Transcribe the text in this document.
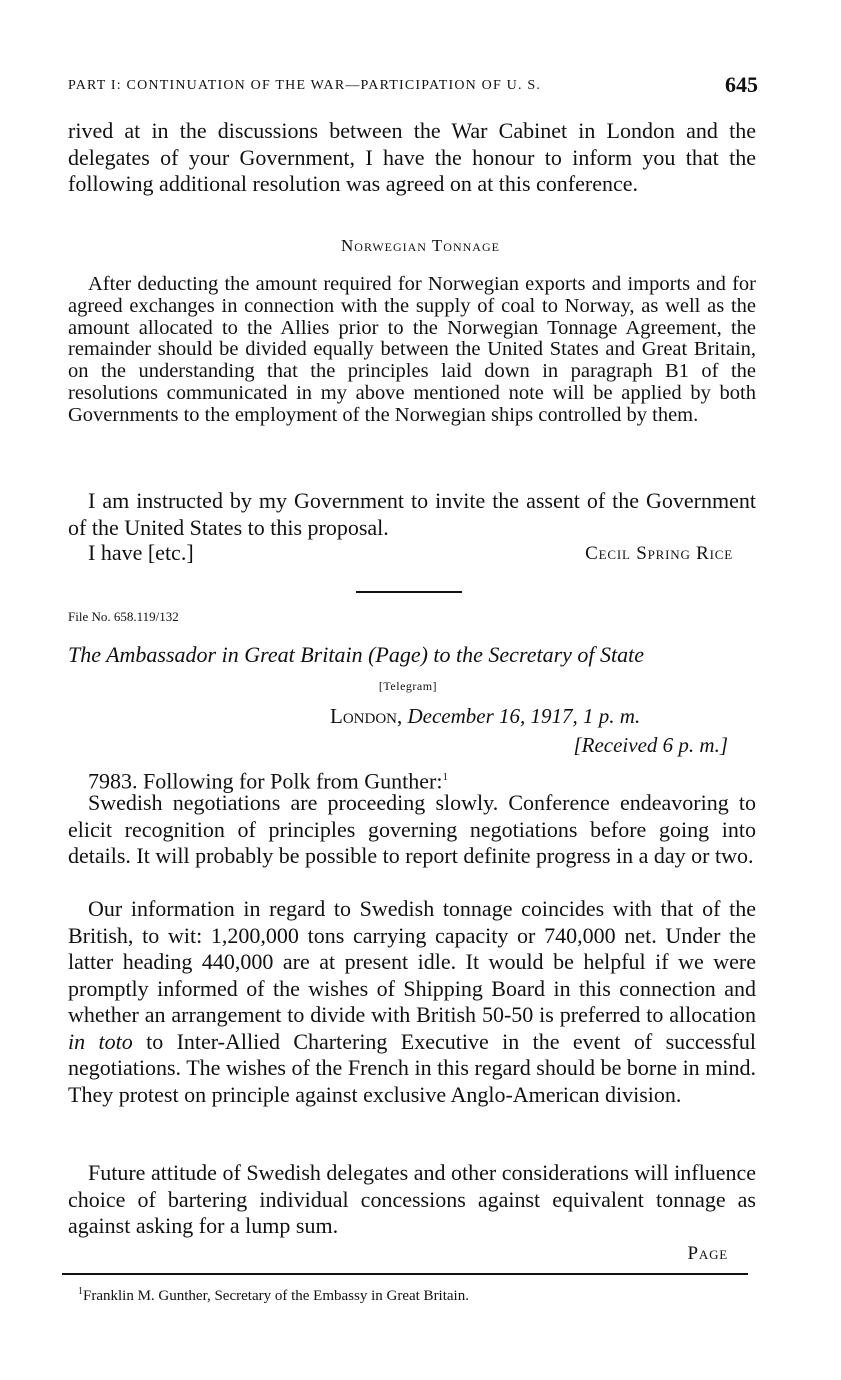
PART I: CONTINUATION OF THE WAR—PARTICIPATION OF U. S.	645
rived at in the discussions between the War Cabinet in London and the delegates of your Government, I have the honour to inform you that the following additional resolution was agreed on at this conference.
Norwegian Tonnage
After deducting the amount required for Norwegian exports and imports and for agreed exchanges in connection with the supply of coal to Norway, as well as the amount allocated to the Allies prior to the Norwegian Tonnage Agreement, the remainder should be divided equally between the United States and Great Britain, on the understanding that the principles laid down in paragraph B1 of the resolutions communicated in my above mentioned note will be applied by both Governments to the employment of the Norwegian ships controlled by them.
I am instructed by my Government to invite the assent of the Government of the United States to this proposal.
I have [etc.]	Cecil Spring Rice
File No. 658.119/132
The Ambassador in Great Britain (Page) to the Secretary of State
[Telegram]
London, December 16, 1917, 1 p. m.
[Received 6 p. m.]
7983. Following for Polk from Gunther:$^1$
Swedish negotiations are proceeding slowly. Conference endeavoring to elicit recognition of principles governing negotiations before going into details. It will probably be possible to report definite progress in a day or two.
Our information in regard to Swedish tonnage coincides with that of the British, to wit: 1,200,000 tons carrying capacity or 740,000 net. Under the latter heading 440,000 are at present idle. It would be helpful if we were promptly informed of the wishes of Shipping Board in this connection and whether an arrangement to divide with British 50-50 is preferred to allocation in toto to Inter-Allied Chartering Executive in the event of successful negotiations. The wishes of the French in this regard should be borne in mind. They protest on principle against exclusive Anglo-American division.
Future attitude of Swedish delegates and other considerations will influence choice of bartering individual concessions against equivalent tonnage as against asking for a lump sum.
Page
$^1$Franklin M. Gunther, Secretary of the Embassy in Great Britain.
